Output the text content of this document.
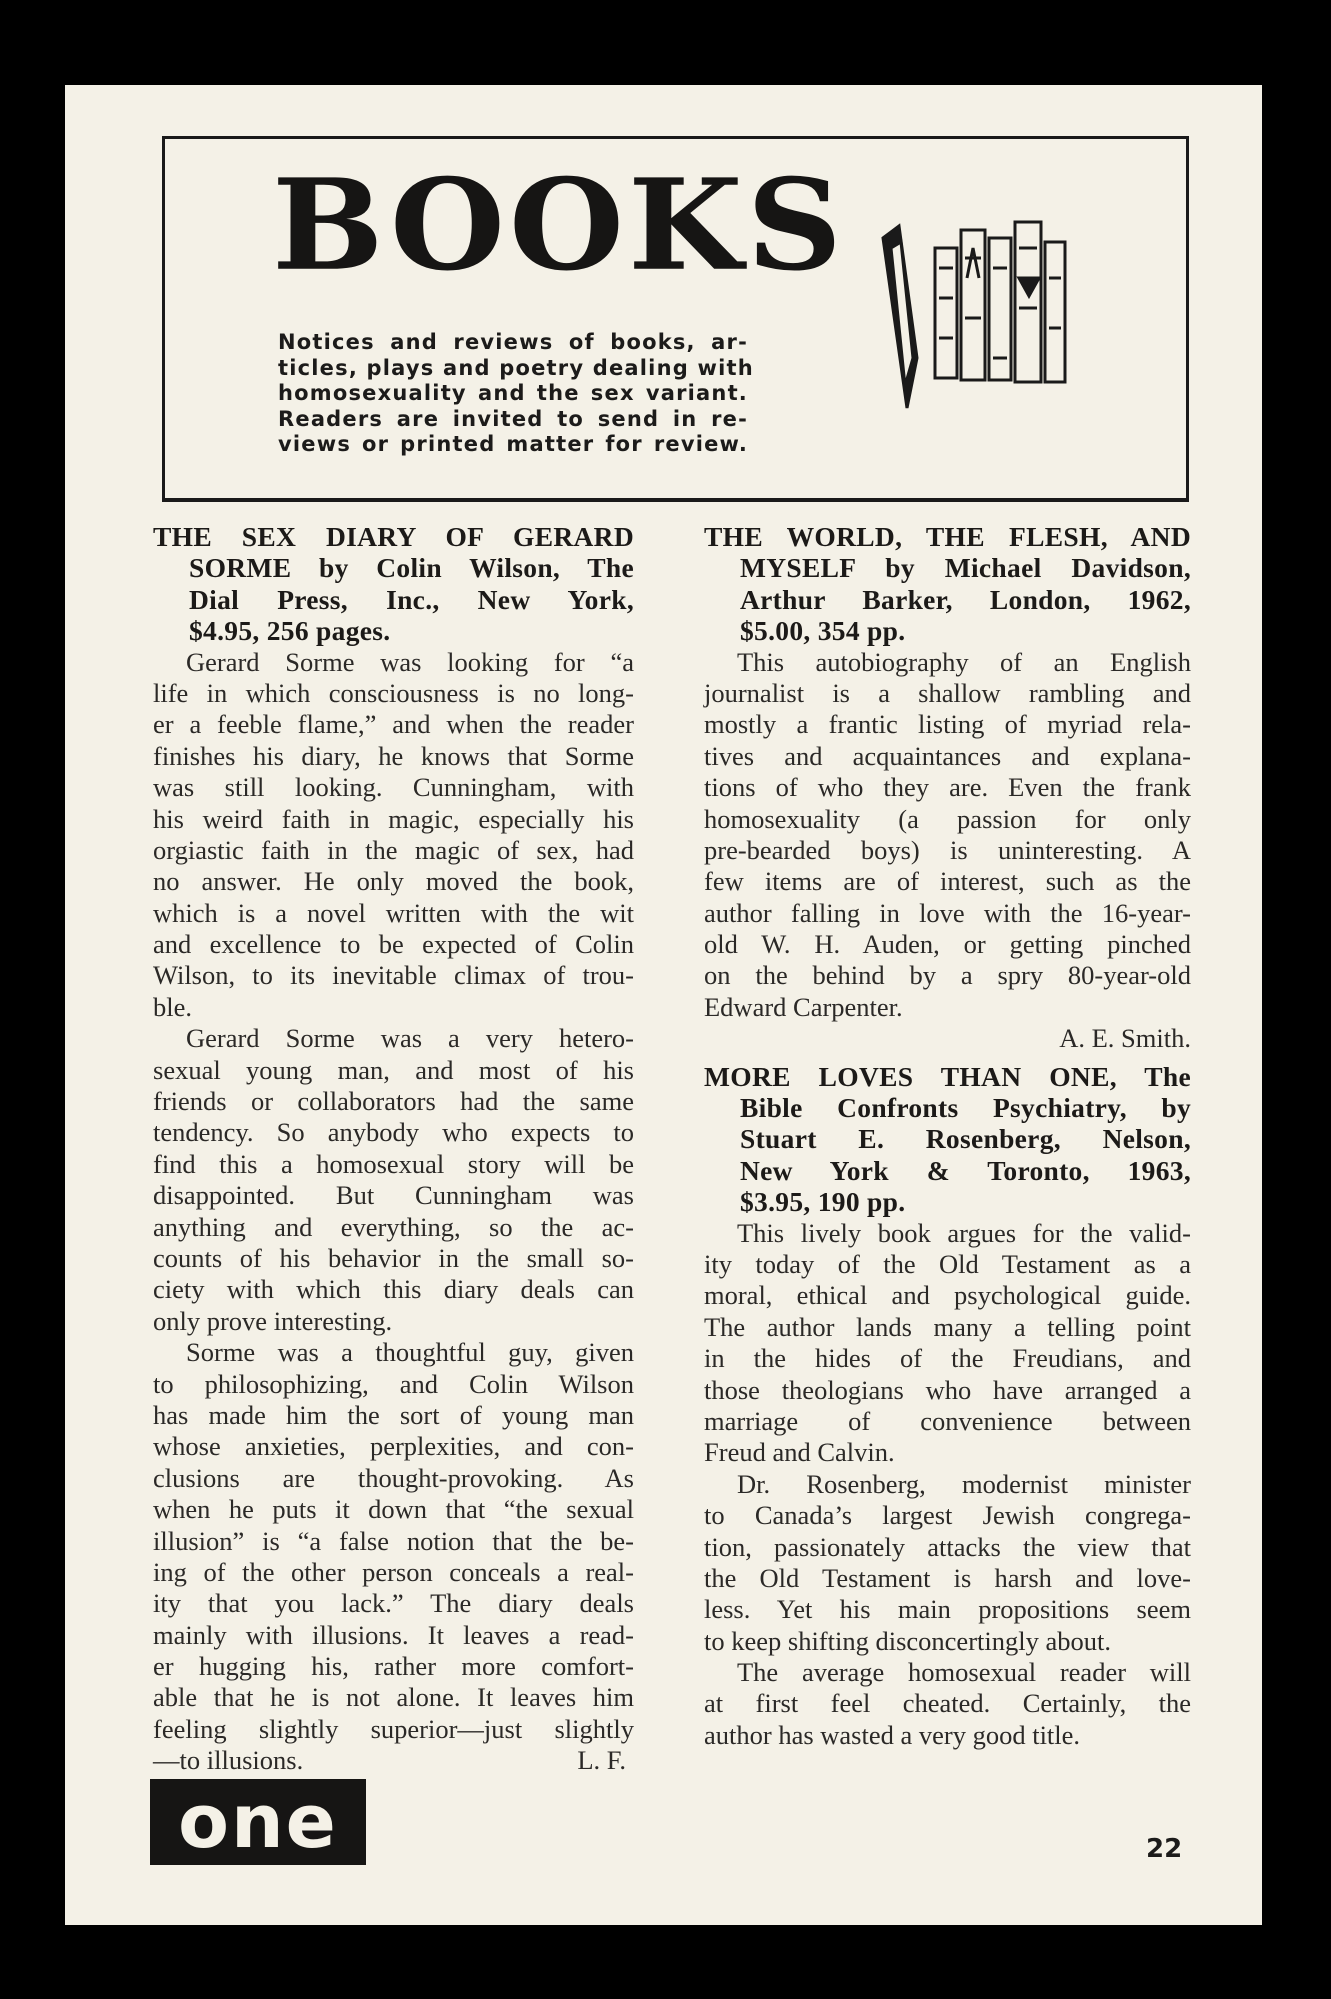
BOOKS
Notices and reviews of books, ar-
ticles, plays and poetry dealing with
homosexuality and the sex variant.
Readers are invited to send in re-
views or printed matter for review.
THE SEX DIARY OF GERARD
SORME by Colin Wilson, The
Dial Press, Inc., New York,
$4.95, 256 pages.
Gerard Sorme was looking for “a
life in which consciousness is no long-
er a feeble flame,” and when the reader
finishes his diary, he knows that Sorme
was still looking. Cunningham, with
his weird faith in magic, especially his
orgiastic faith in the magic of sex, had
no answer. He only moved the book,
which is a novel written with the wit
and excellence to be expected of Colin
Wilson, to its inevitable climax of trou-
ble.
Gerard Sorme was a very hetero-
sexual young man, and most of his
friends or collaborators had the same
tendency. So anybody who expects to
find this a homosexual story will be
disappointed. But Cunningham was
anything and everything, so the ac-
counts of his behavior in the small so-
ciety with which this diary deals can
only prove interesting.
Sorme was a thoughtful guy, given
to philosophizing, and Colin Wilson
has made him the sort of young man
whose anxieties, perplexities, and con-
clusions are thought-provoking. As
when he puts it down that “the sexual
illusion” is “a false notion that the be-
ing of the other person conceals a real-
ity that you lack.” The diary deals
mainly with illusions. It leaves a read-
er hugging his, rather more comfort-
able that he is not alone. It leaves him
feeling slightly superior—just slightly
—to illusions.	L. F.
THE WORLD, THE FLESH, AND
MYSELF by Michael Davidson,
Arthur Barker, London, 1962,
$5.00, 354 pp.
This autobiography of an English
journalist is a shallow rambling and
mostly a frantic listing of myriad rela-
tives and acquaintances and explana-
tions of who they are. Even the frank
homosexuality (a passion for only
pre-bearded boys) is uninteresting. A
few items are of interest, such as the
author falling in love with the 16-year-
old W. H. Auden, or getting pinched
on the behind by a spry 80-year-old
Edward Carpenter.
A. E. Smith.
MORE LOVES THAN ONE, The
Bible Confronts Psychiatry, by
Stuart E. Rosenberg, Nelson,
New York & Toronto, 1963,
$3.95, 190 pp.
This lively book argues for the valid-
ity today of the Old Testament as a
moral, ethical and psychological guide.
The author lands many a telling point
in the hides of the Freudians, and
those theologians who have arranged a
marriage of convenience between
Freud and Calvin.
Dr. Rosenberg, modernist minister
to Canada’s largest Jewish congrega-
tion, passionately attacks the view that
the Old Testament is harsh and love-
less. Yet his main propositions seem
to keep shifting disconcertingly about.
The average homosexual reader will
at first feel cheated. Certainly, the
author has wasted a very good title.
one	22
